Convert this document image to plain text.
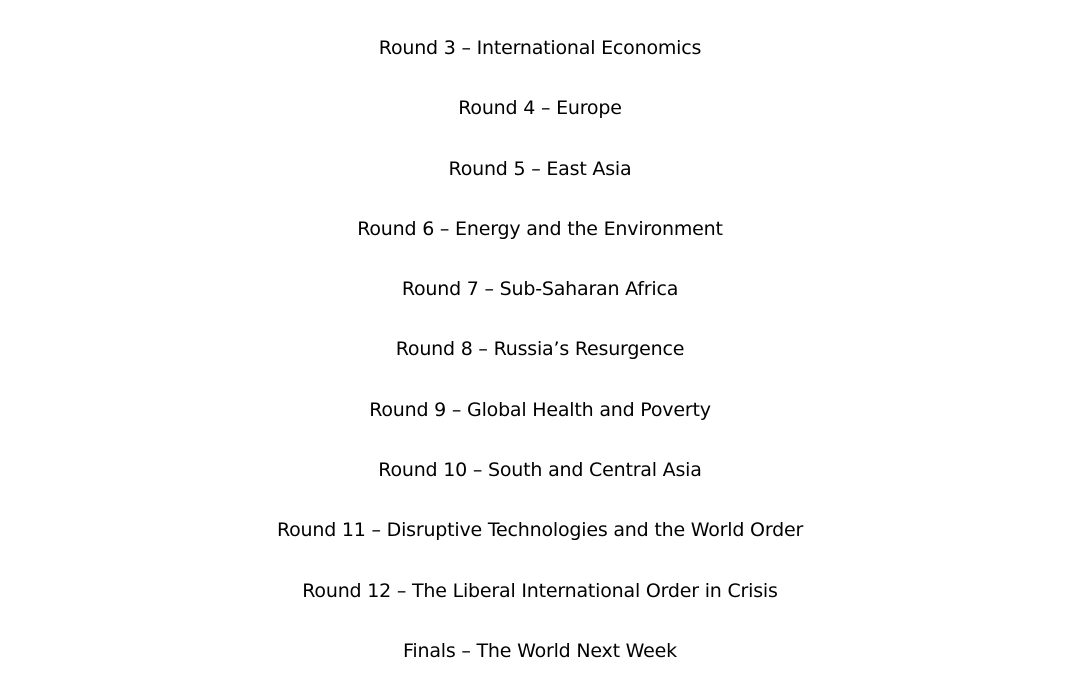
Round 3 – International Economics
Round 4 – Europe
Round 5 – East Asia
Round 6 – Energy and the Environment
Round 7 – Sub-Saharan Africa
Round 8 – Russia’s Resurgence
Round 9 – Global Health and Poverty
Round 10 – South and Central Asia
Round 11 – Disruptive Technologies and the World Order
Round 12 – The Liberal International Order in Crisis
Finals – The World Next Week
